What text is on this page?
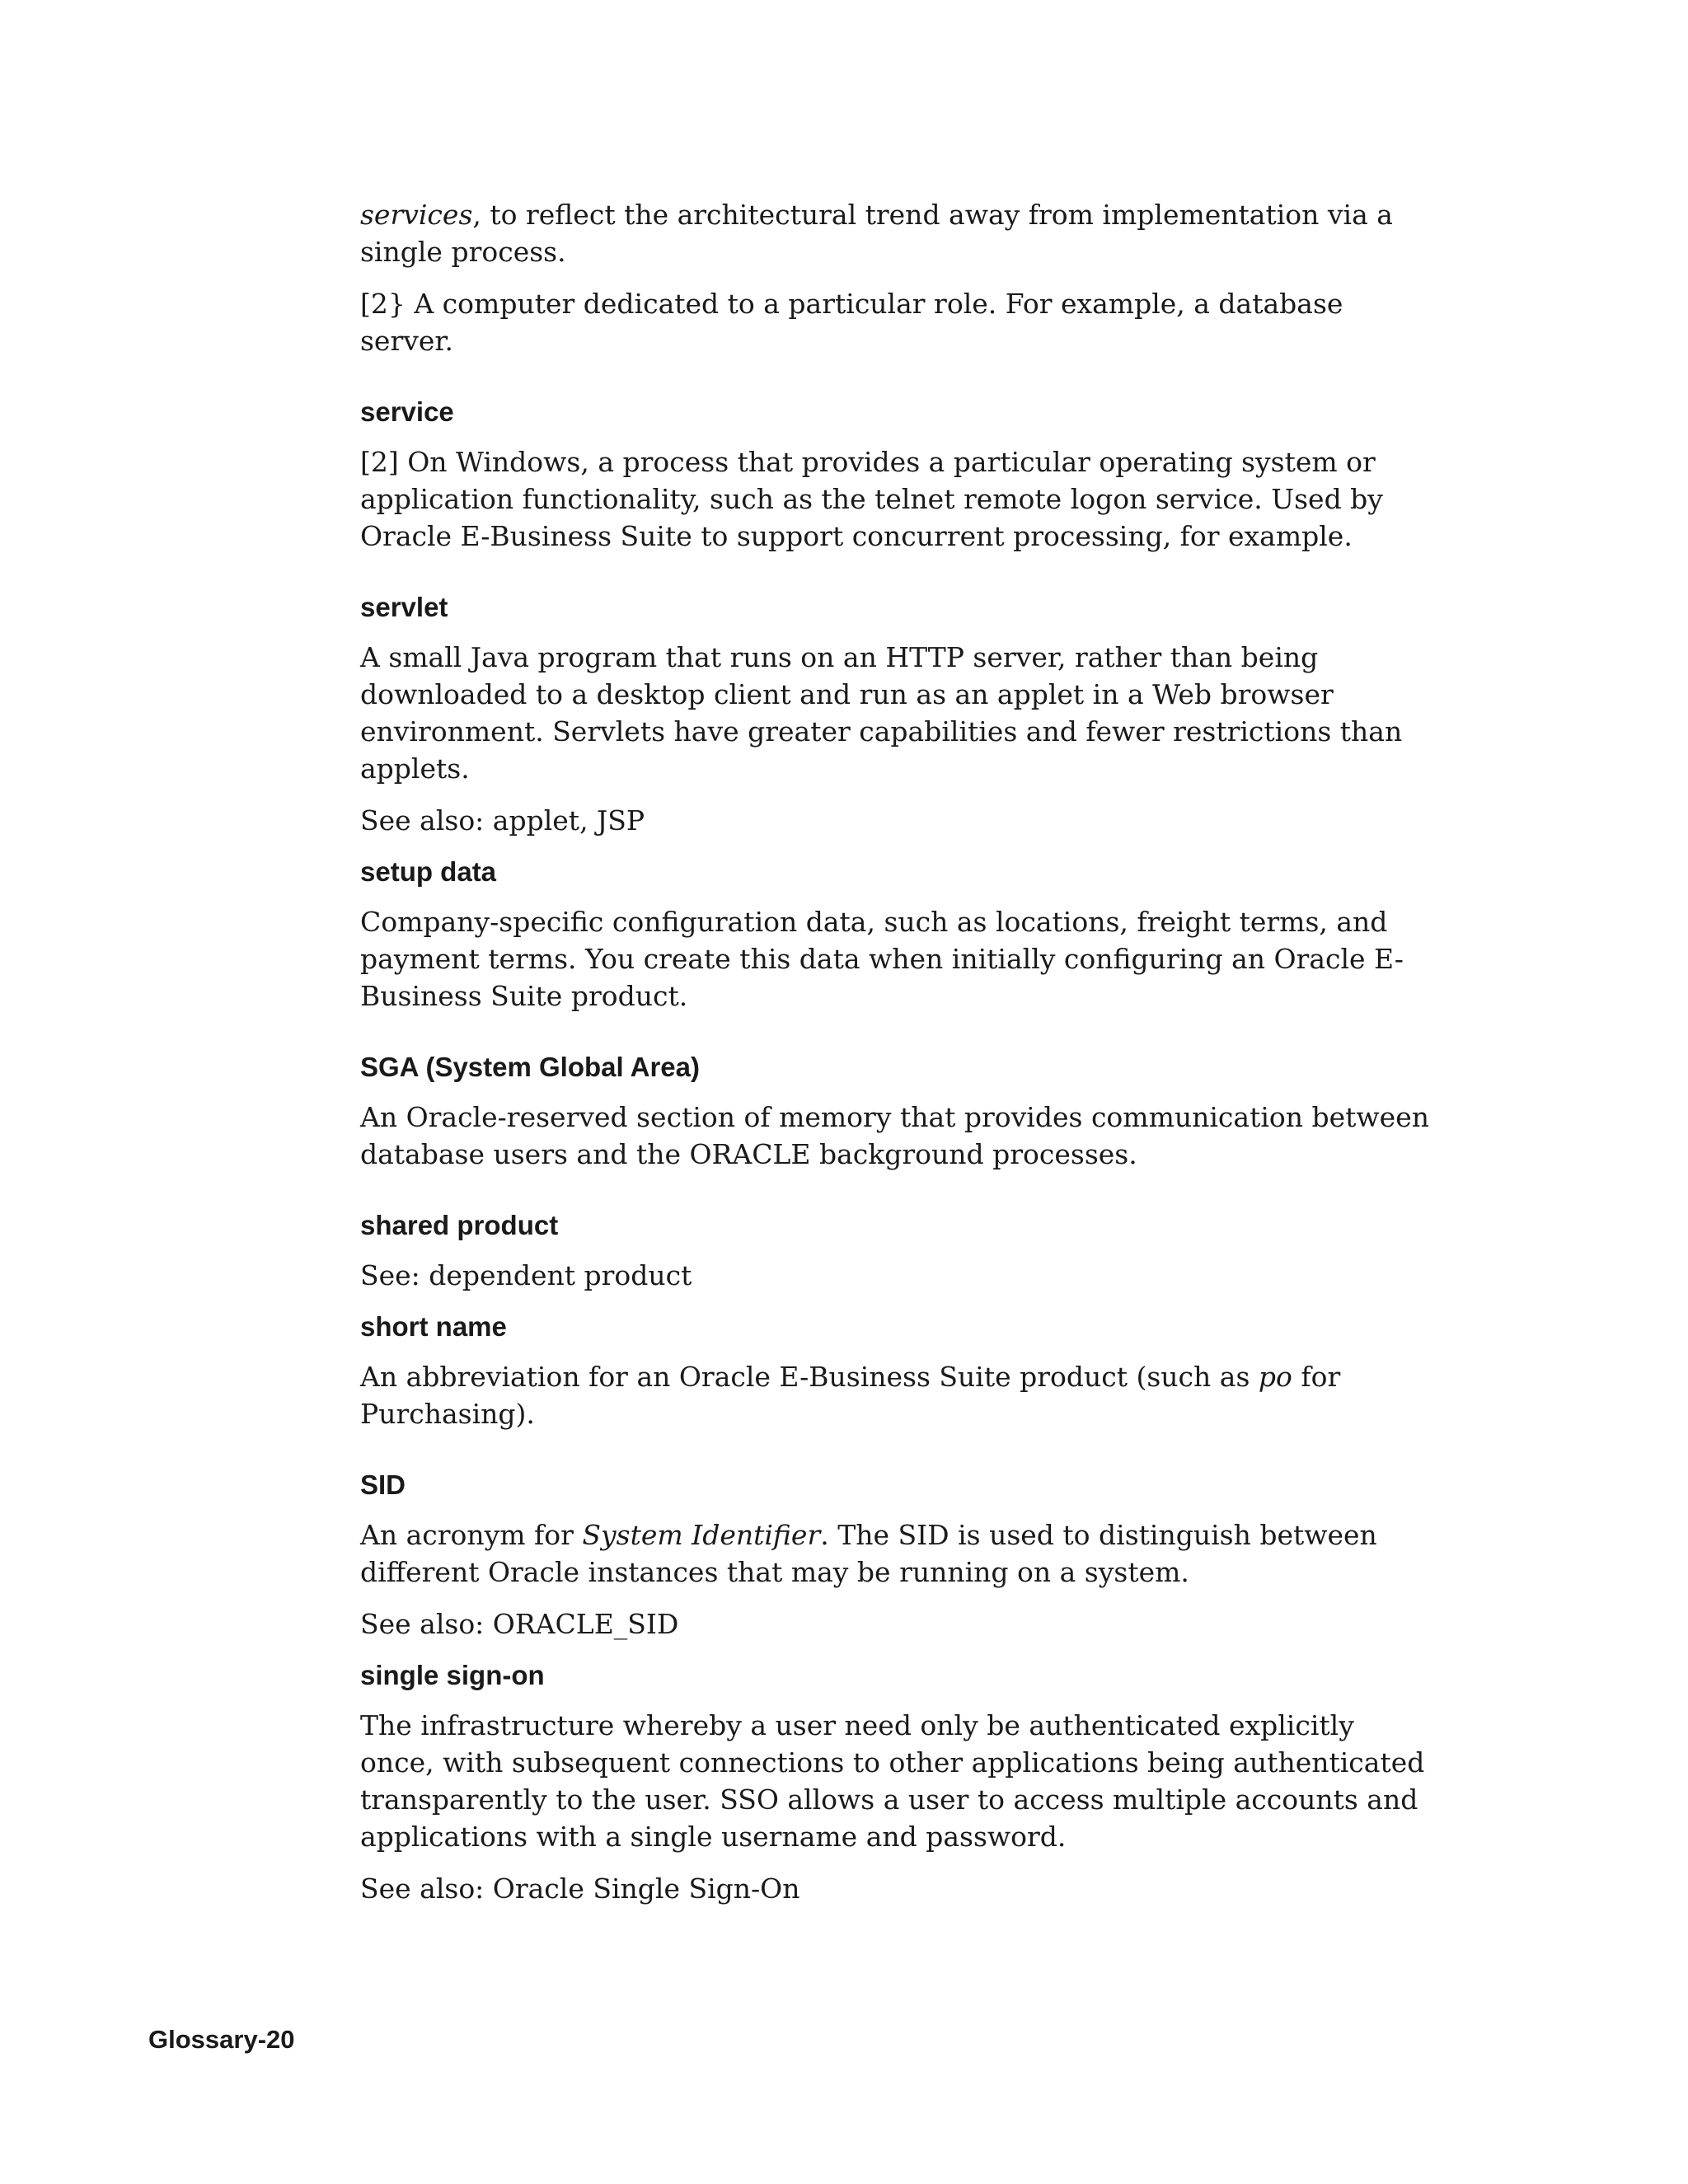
services, to reflect the architectural trend away from implementation via a single process.

[2} A computer dedicated to a particular role. For example, a database server.

service

[2] On Windows, a process that provides a particular operating system or application functionality, such as the telnet remote logon service. Used by Oracle E-Business Suite to support concurrent processing, for example.

servlet

A small Java program that runs on an HTTP server, rather than being downloaded to a desktop client and run as an applet in a Web browser environment. Servlets have greater capabilities and fewer restrictions than applets.

See also: applet, JSP

setup data

Company-specific configuration data, such as locations, freight terms, and payment terms. You create this data when initially configuring an Oracle E-Business Suite product.

SGA (System Global Area)

An Oracle-reserved section of memory that provides communication between database users and the ORACLE background processes.

shared product

See: dependent product

short name

An abbreviation for an Oracle E-Business Suite product (such as po for Purchasing).

SID

An acronym for System Identifier. The SID is used to distinguish between different Oracle instances that may be running on a system.

See also: ORACLE_SID

single sign-on

The infrastructure whereby a user need only be authenticated explicitly once, with subsequent connections to other applications being authenticated transparently to the user. SSO allows a user to access multiple accounts and applications with a single username and password.

See also: Oracle Single Sign-On

Glossary-20
